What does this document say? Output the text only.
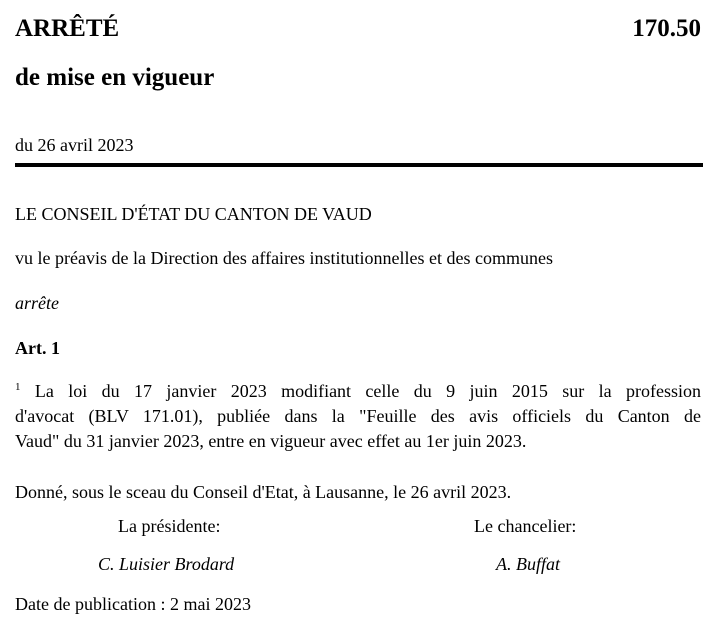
ARRÊTÉ	170.50
de mise en vigueur
du 26 avril 2023
LE CONSEIL D'ÉTAT DU CANTON DE VAUD
vu le préavis de la Direction des affaires institutionnelles et des communes
arrête
Art. 1
$^1$ La loi du 17 janvier 2023 modifiant celle du 9 juin 2015 sur la profession
d'avocat (BLV 171.01), publiée dans la "Feuille des avis officiels du Canton de
Vaud" du 31 janvier 2023, entre en vigueur avec effet au 1er juin 2023.
Donné, sous le sceau du Conseil d'Etat, à Lausanne, le 26 avril 2023.
La présidente:	Le chancelier:
C. Luisier Brodard	A. Buffat
Date de publication : 2 mai 2023
